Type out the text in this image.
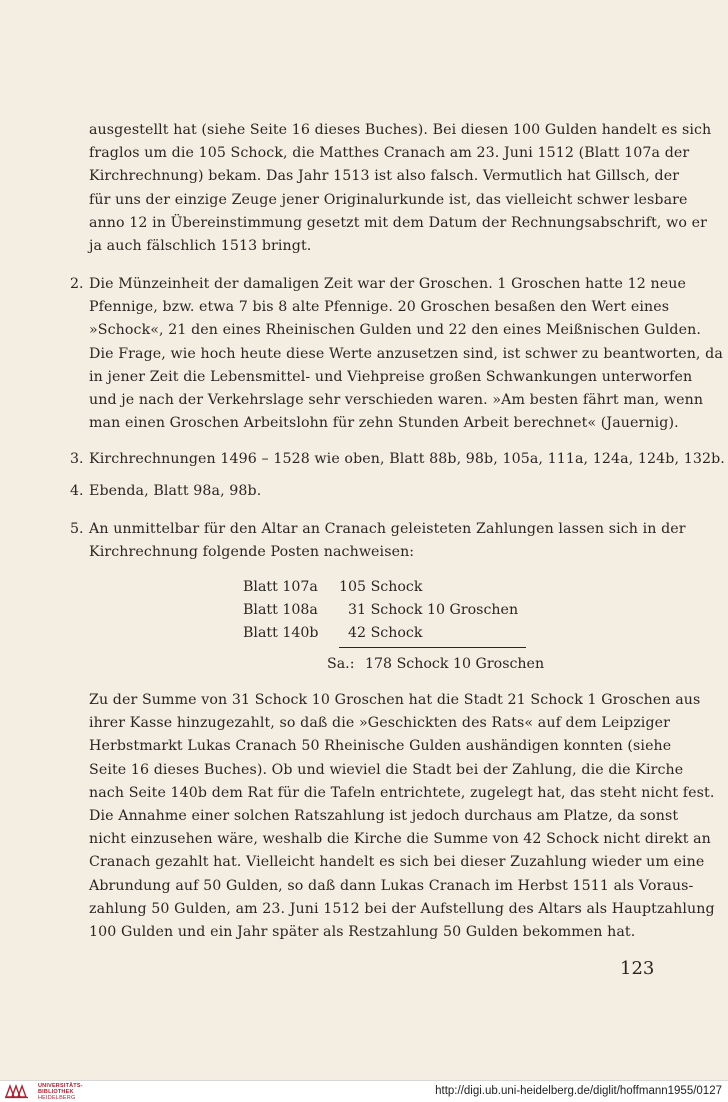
ausgestellt hat (siehe Seite 16 dieses Buches). Bei diesen 100 Gulden handelt es sich
fraglos um die 105 Schock, die Matthes Cranach am 23. Juni 1512 (Blatt 107a der
Kirchrechnung) bekam. Das Jahr 1513 ist also falsch. Vermutlich hat Gillsch, der
für uns der einzige Zeuge jener Originalurkunde ist, das vielleicht schwer lesbare
anno 12 in Übereinstimmung gesetzt mit dem Datum der Rechnungsabschrift, wo er
ja auch fälschlich 1513 bringt.
2. Die Münzeinheit der damaligen Zeit war der Groschen. 1 Groschen hatte 12 neue
Pfennige, bzw. etwa 7 bis 8 alte Pfennige. 20 Groschen besaßen den Wert eines
»Schock«, 21 den eines Rheinischen Gulden und 22 den eines Meißnischen Gulden.
Die Frage, wie hoch heute diese Werte anzusetzen sind, ist schwer zu beantworten, da
in jener Zeit die Lebensmittel- und Viehpreise großen Schwankungen unterworfen
und je nach der Verkehrslage sehr verschieden waren. »Am besten fährt man, wenn
man einen Groschen Arbeitslohn für zehn Stunden Arbeit berechnet« (Jauernig).
3. Kirchrechnungen 1496 – 1528 wie oben, Blatt 88b, 98b, 105a, 111a, 124a, 124b, 132b.
4. Ebenda, Blatt 98a, 98b.
5. An unmittelbar für den Altar an Cranach geleisteten Zahlungen lassen sich in der
Kirchrechnung folgende Posten nachweisen:
Blatt 107a	105 Schock
Blatt 108a	31 Schock 10 Groschen
Blatt 140b	42 Schock
Sa.: 178 Schock 10 Groschen
Zu der Summe von 31 Schock 10 Groschen hat die Stadt 21 Schock 1 Groschen aus
ihrer Kasse hinzugezahlt, so daß die »Geschickten des Rats« auf dem Leipziger
Herbstmarkt Lukas Cranach 50 Rheinische Gulden aushändigen konnten (siehe
Seite 16 dieses Buches). Ob und wieviel die Stadt bei der Zahlung, die die Kirche
nach Seite 140b dem Rat für die Tafeln entrichtete, zugelegt hat, das steht nicht fest.
Die Annahme einer solchen Ratszahlung ist jedoch durchaus am Platze, da sonst
nicht einzusehen wäre, weshalb die Kirche die Summe von 42 Schock nicht direkt an
Cranach gezahlt hat. Vielleicht handelt es sich bei dieser Zuzahlung wieder um eine
Abrundung auf 50 Gulden, so daß dann Lukas Cranach im Herbst 1511 als Voraus-
zahlung 50 Gulden, am 23. Juni 1512 bei der Aufstellung des Altars als Hauptzahlung
100 Gulden und ein Jahr später als Restzahlung 50 Gulden bekommen hat.
123
UNIVERSITÄTS-
BIBLIOTHEK
HEIDELBERG
http://digi.ub.uni-heidelberg.de/diglit/hoffmann1955/0127
